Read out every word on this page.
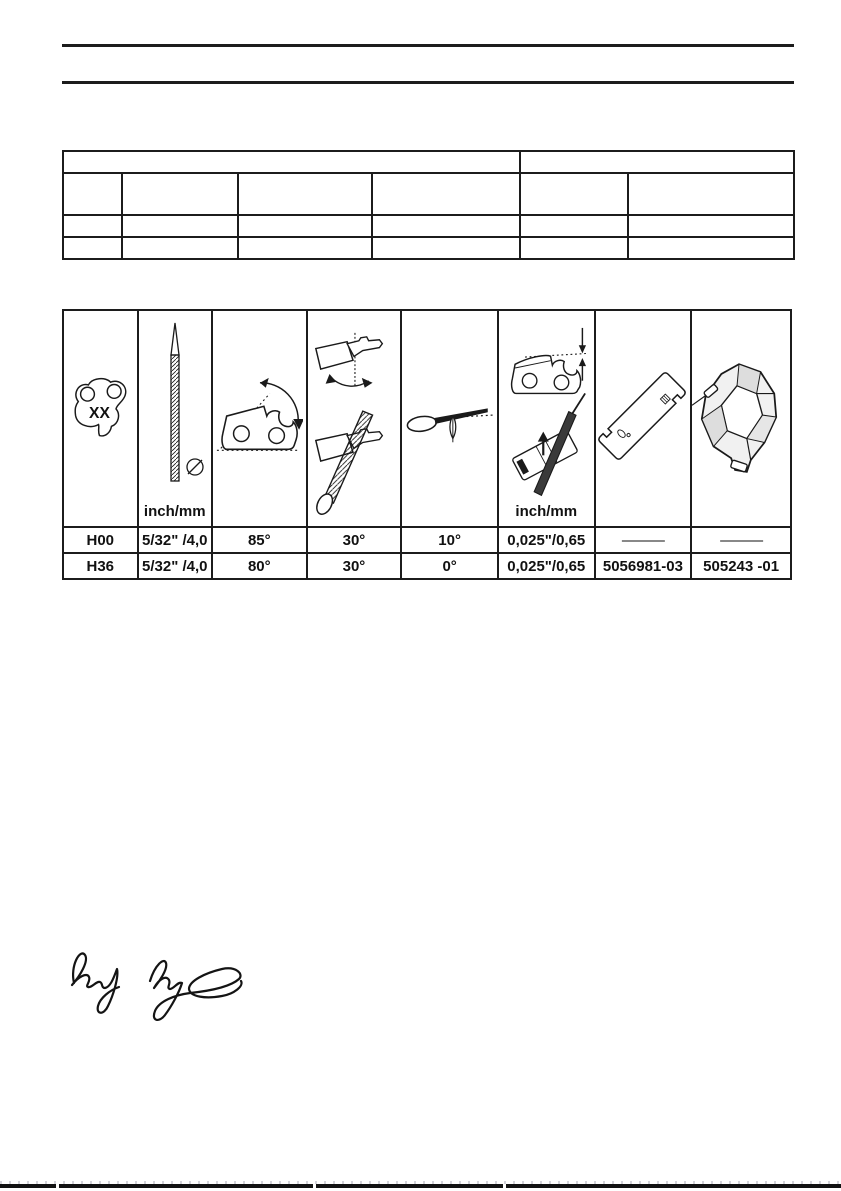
XX	inch/mm				inch/mm

H00	5/32" /4,0	85°	30°	10°	0,025"/0,65	———	———
H36	5/32" /4,0	80°	30°	0°	0,025"/0,65	5056981-03	505243 -01
